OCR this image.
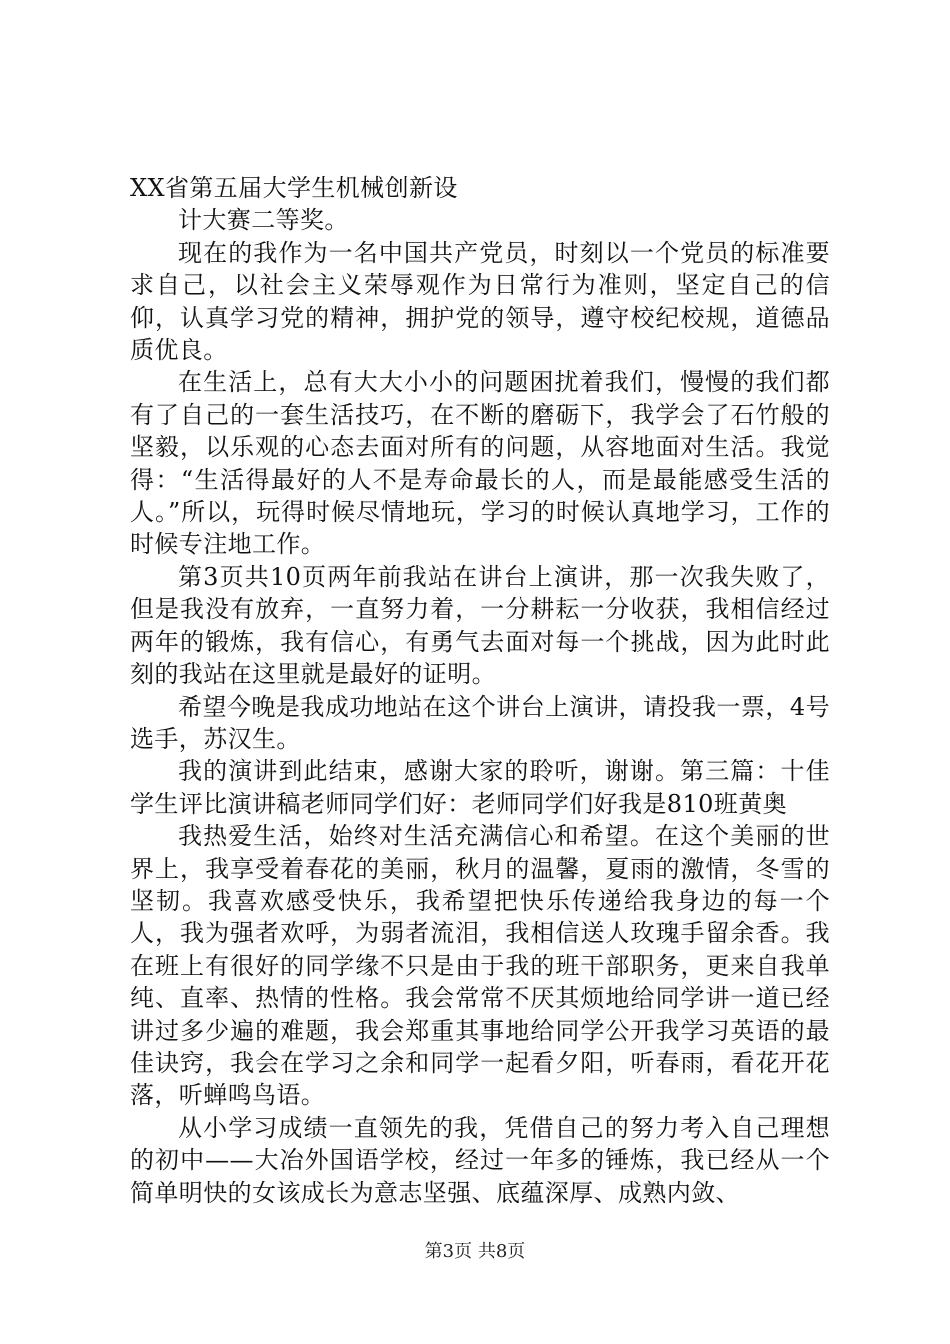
XX省第五届大学生机械创新设

计大赛二等奖。

现在的我作为一名中国共产党员，时刻以一个党员的标准要求自己，以社会主义荣辱观作为日常行为准则，坚定自己的信仰，认真学习党的精神，拥护党的领导，遵守校纪校规，道德品质优良。

在生活上，总有大大小小的问题困扰着我们，慢慢的我们都有了自己的一套生活技巧，在不断的磨砺下，我学会了石竹般的坚毅，以乐观的心态去面对所有的问题，从容地面对生活。我觉得：“生活得最好的人不是寿命最长的人，而是最能感受生活的人。”所以，玩得时候尽情地玩，学习的时候认真地学习，工作的时候专注地工作。

第3页共10页两年前我站在讲台上演讲，那一次我失败了，但是我没有放弃，一直努力着，一分耕耘一分收获，我相信经过两年的锻炼，我有信心，有勇气去面对每一个挑战，因为此时此刻的我站在这里就是最好的证明。

希望今晚是我成功地站在这个讲台上演讲，请投我一票，4号选手，苏汉生。

我的演讲到此结束，感谢大家的聆听，谢谢。第三篇：十佳学生评比演讲稿老师同学们好：老师同学们好我是810班黄奥

我热爱生活，始终对生活充满信心和希望。在这个美丽的世界上，我享受着春花的美丽，秋月的温馨，夏雨的激情，冬雪的坚韧。我喜欢感受快乐，我希望把快乐传递给我身边的每一个人，我为强者欢呼，为弱者流泪，我相信送人玫瑰手留余香。我在班上有很好的同学缘不只是由于我的班干部职务，更来自我单纯、直率、热情的性格。我会常常不厌其烦地给同学讲一道已经讲过多少遍的难题，我会郑重其事地给同学公开我学习英语的最佳诀窍，我会在学习之余和同学一起看夕阳，听春雨，看花开花落，听蝉鸣鸟语。

从小学习成绩一直领先的我，凭借自己的努力考入自己理想的初中——大冶外国语学校，经过一年多的锤炼，我已经从一个简单明快的女该成长为意志坚强、底蕴深厚、成熟内敛、

第3页 共8页
